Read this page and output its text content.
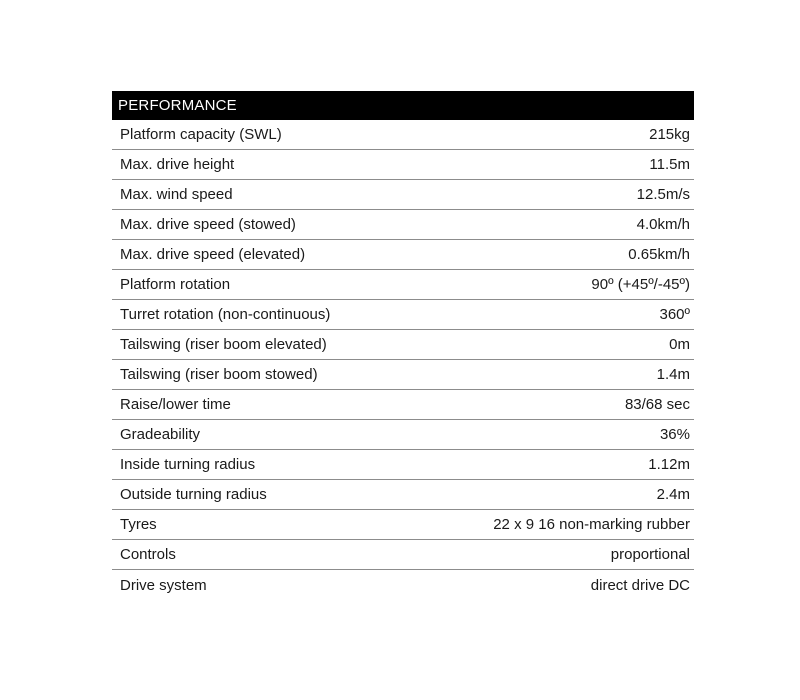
PERFORMANCE
Platform capacity (SWL)	215kg
Max. drive height	11.5m
Max. wind speed	12.5m/s
Max. drive speed (stowed)	4.0km/h
Max. drive speed (elevated)	0.65km/h
Platform rotation	90º (+45º/-45º)
Turret rotation (non-continuous)	360º
Tailswing (riser boom elevated)	0m
Tailswing (riser boom stowed)	1.4m
Raise/lower time	83/68 sec
Gradeability	36%
Inside turning radius	1.12m
Outside turning radius	2.4m
Tyres	22 x 9 16 non-marking rubber
Controls	proportional
Drive system	direct drive DC
